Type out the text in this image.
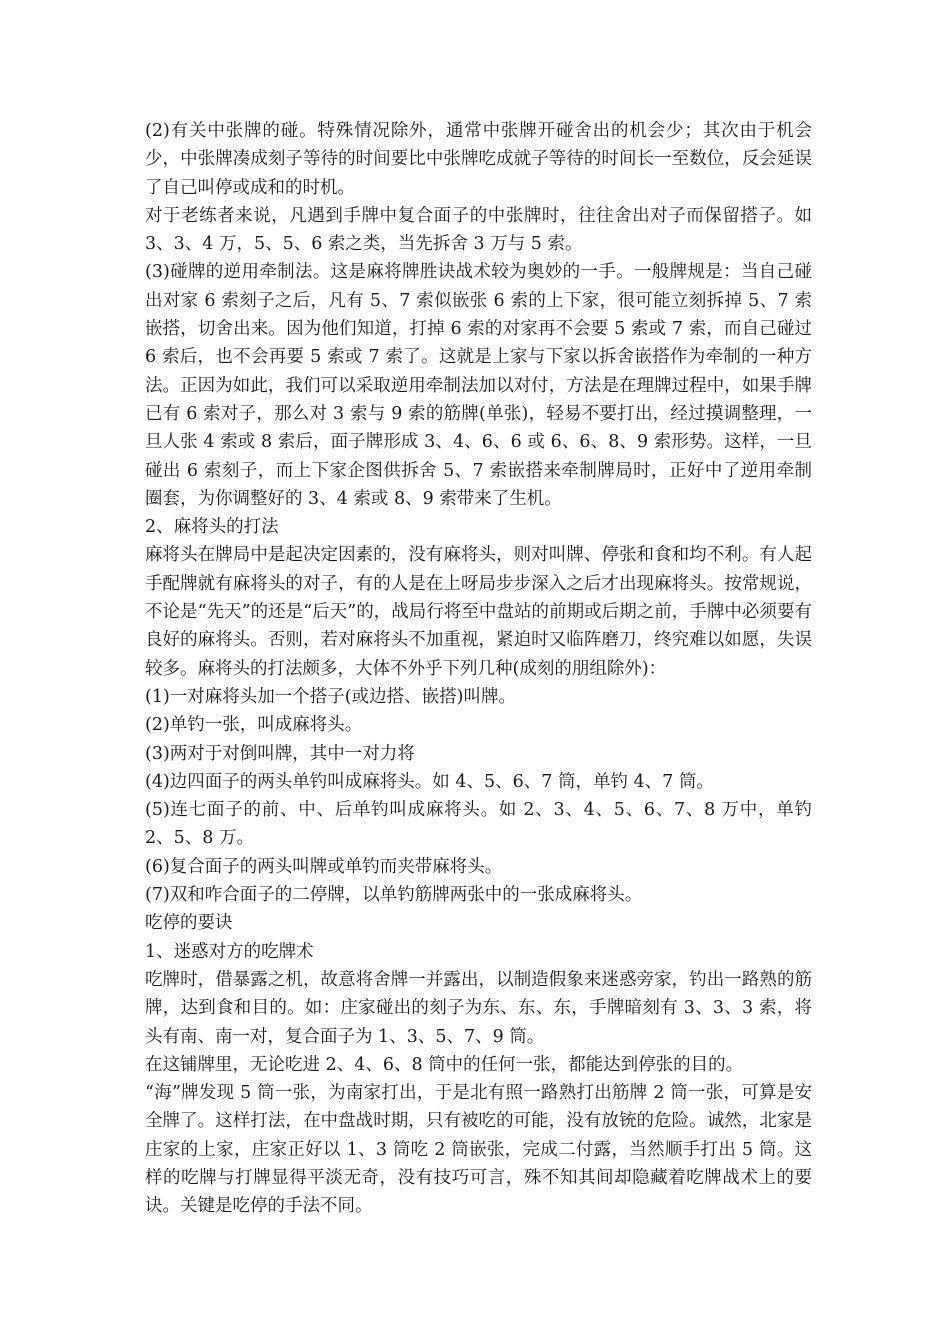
(2)有关中张牌的碰。特殊情况除外，通常中张牌开碰舍出的机会少；其次由于机会少，中张牌凑成刻子等待的时间要比中张牌吃成就子等待的时间长一至数位，反会延误了自己叫停或成和的时机。

对于老练者来说，凡遇到手牌中复合面子的中张牌时，往往舍出对子而保留搭子。如 3、3、4 万，5、5、6 索之类，当先拆舍 3 万与 5 索。

(3)碰牌的逆用牵制法。这是麻将牌胜诀战术较为奥妙的一手。一般牌规是：当自己碰出对家 6 索刻子之后，凡有 5、7 索似嵌张 6 索的上下家，很可能立刻拆掉 5、7 索嵌搭，切舍出来。因为他们知道，打掉 6 索的对家再不会要 5 索或 7 索，而自己碰过 6 索后，也不会再要 5 索或 7 索了。这就是上家与下家以拆舍嵌搭作为牵制的一种方法。正因为如此，我们可以采取逆用牵制法加以对付，方法是在理牌过程中，如果手牌已有 6 索对子，那么对 3 索与 9 索的筋牌(单张)，轻易不要打出，经过摸调整理，一旦人张 4 索或 8 索后，面子牌形成 3、4、6、6 或 6、6、8、9 索形势。这样，一旦碰出 6 索刻子，而上下家企图供拆舍 5、7 索嵌搭来牵制牌局时，正好中了逆用牵制圈套，为你调整好的 3、4 索或 8、9 索带来了生机。

2、麻将头的打法

麻将头在牌局中是起决定因素的，没有麻将头，则对叫牌、停张和食和均不利。有人起手配牌就有麻将头的对子，有的人是在上呀局步步深入之后才出现麻将头。按常规说，不论是“先天”的还是“后天”的，战局行将至中盘站的前期或后期之前，手牌中必须要有良好的麻将头。否则，若对麻将头不加重视，紧迫时又临阵磨刀，终究难以如愿，失误较多。麻将头的打法颇多，大体不外乎下列几种(成刻的朋组除外)：

(1)一对麻将头加一个搭子(或边搭、嵌搭)叫牌。

(2)单钓一张，叫成麻将头。

(3)两对于对倒叫牌，其中一对力将

(4)边四面子的两头单钓叫成麻将头。如 4、5、6、7 筒，单钓 4、7 筒。

(5)连七面子的前、中、后单钓叫成麻将头。如 2、3、4、5、6、7、8 万中，单钓 2、5、8 万。

(6)复合面子的两头叫牌或单钓而夹带麻将头。

(7)双和咋合面子的二停牌，以单钓筋牌两张中的一张成麻将头。

吃停的要诀

1、迷惑对方的吃牌术

吃牌时，借暴露之机，故意将舍牌一并露出，以制造假象来迷惑旁家，钓出一路熟的筋牌，达到食和目的。如：庄家碰出的刻子为东、东、东，手牌暗刻有 3、3、3 索，将头有南、南一对，复合面子为 1、3、5、7、9 筒。

在这铺牌里，无论吃进 2、4、6、8 筒中的任何一张，都能达到停张的目的。

“海”牌发现 5 筒一张，为南家打出，于是北有照一路熟打出筋牌 2 筒一张，可算是安全牌了。这样打法，在中盘战时期，只有被吃的可能，没有放铳的危险。诚然，北家是庄家的上家，庄家正好以 1、3 筒吃 2 筒嵌张，完成二付露，当然顺手打出 5 筒。这样的吃牌与打牌显得平淡无奇，没有技巧可言，殊不知其间却隐藏着吃牌战术上的要诀。关键是吃停的手法不同。
